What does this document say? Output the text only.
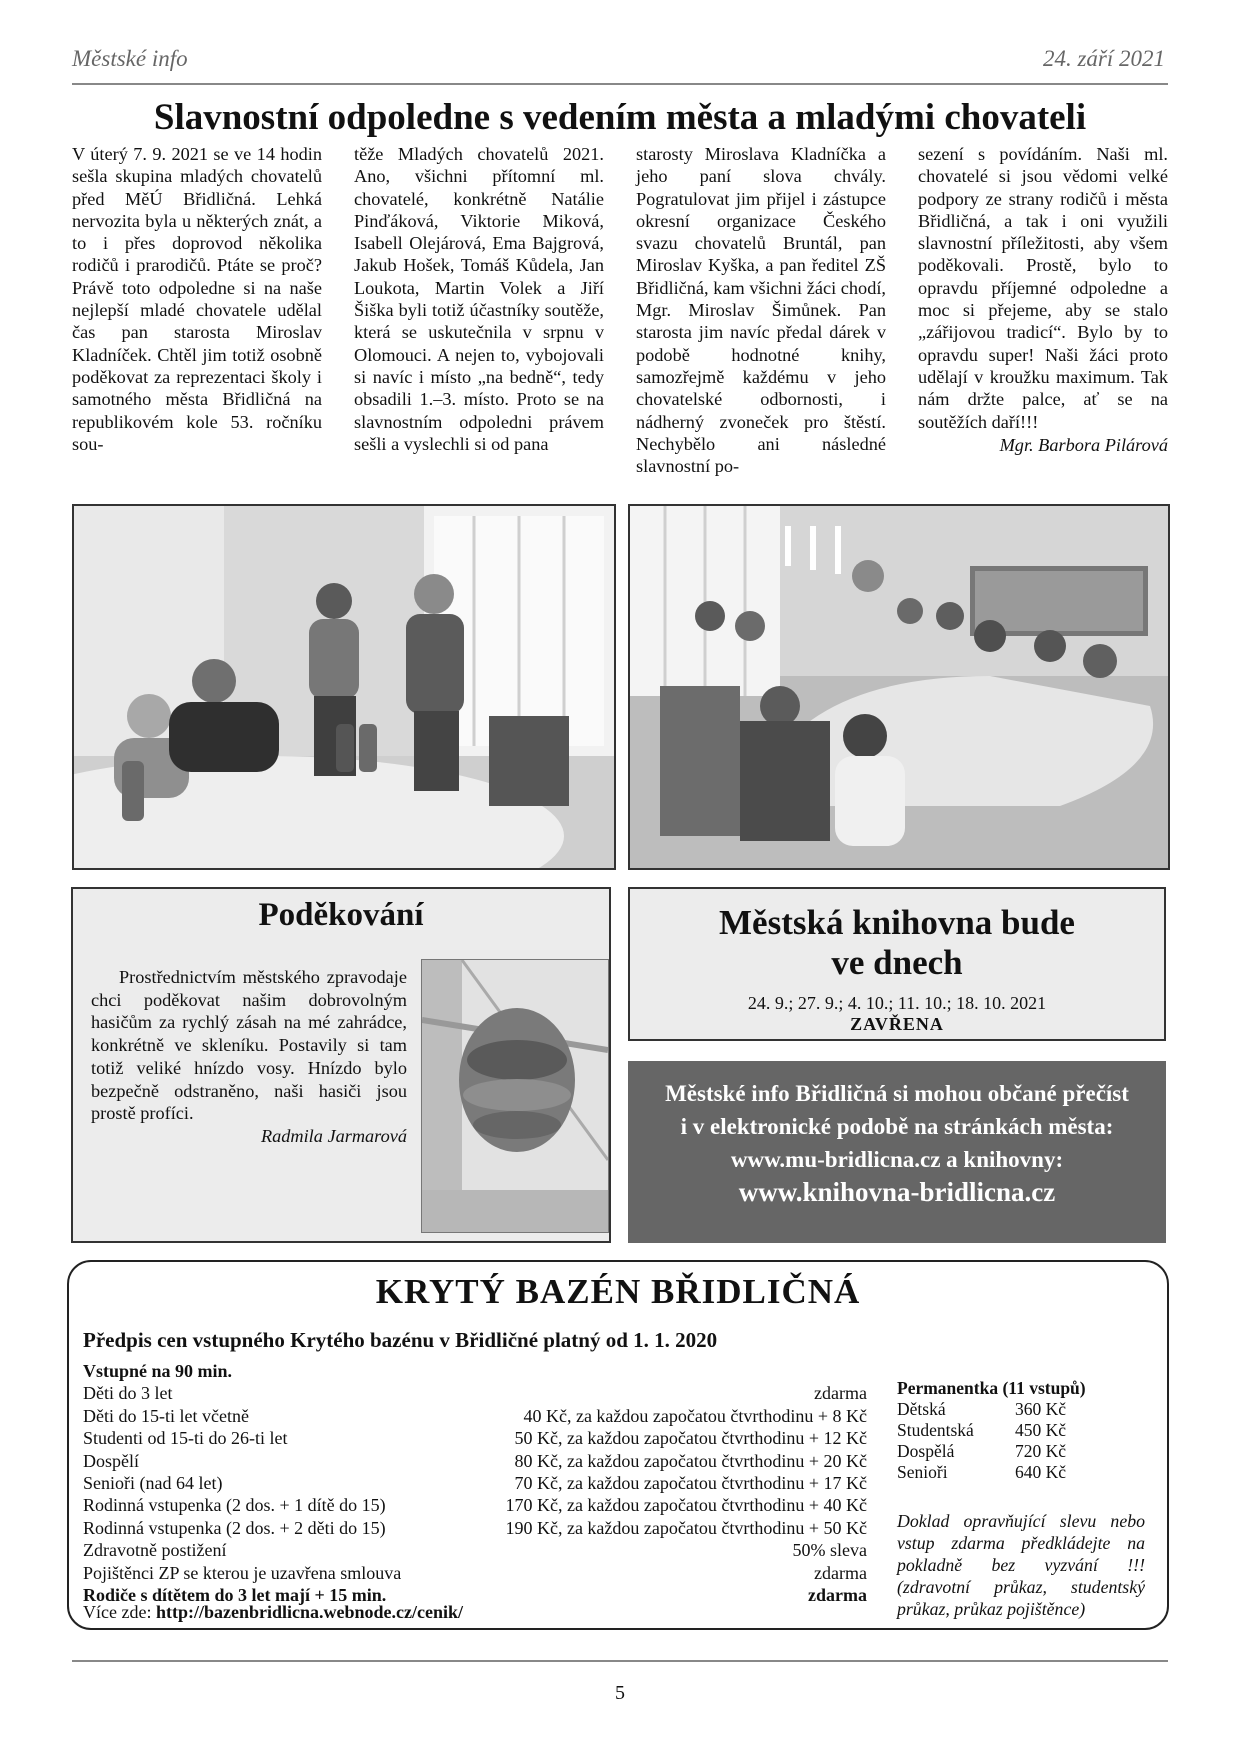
Městské info	24. září 2021
Slavnostní odpoledne s vedením města a mladými chovateli

V úterý 7. 9. 2021 se ve 14 hodin sešla skupina mladých chovatelů před MěÚ Břidličná. Lehká nervozita byla u některých znát, a to i přes doprovod několika rodičů i prarodičů. Ptáte se proč? Právě toto odpoledne si na naše nejlepší mladé chovatele udělal čas pan starosta Miroslav Kladníček. Chtěl jim totiž osobně poděkovat za reprezentaci školy i samotného města Břidličná na republikovém kole 53. ročníku sou-

těže Mladých chovatelů 2021. Ano, všichni přítomní ml. chovatelé, konkrétně Natálie Pinďáková, Viktorie Miková, Isabell Olejárová, Ema Bajgrová, Jakub Hošek, Tomáš Kůdela, Jan Loukota, Martin Volek a Jiří Šiška byli totiž účastníky soutěže, která se uskutečnila v srpnu v Olomouci. A nejen to, vybojovali si navíc i místo „na bedně“, tedy obsadili 1.–3. místo. Proto se na slavnostním odpoledni právem sešli a vyslechli si od pana

starosty Miroslava Kladníčka a jeho paní slova chvály. Pogratulovat jim přijel i zástupce okresní organizace Českého svazu chovatelů Bruntál, pan Miroslav Kyška, a pan ředitel ZŠ Břidličná, kam všichni žáci chodí, Mgr. Miroslav Šimůnek. Pan starosta jim navíc předal dárek v podobě hodnotné knihy, samozřejmě každému v jeho chovatelské odbornosti, i nádherný zvoneček pro štěstí. Nechybělo ani následné slavnostní po-

sezení s povídáním. Naši ml. chovatelé si jsou vědomi velké podpory ze strany rodičů i města Břidličná, a tak i oni využili slavnostní příležitosti, aby všem poděkovali. Prostě, bylo to opravdu příjemné odpoledne a moc si přejeme, aby se stalo „zářijovou tradicí“. Bylo by to opravdu super! Naši žáci proto udělají v kroužku maximum. Tak nám držte palce, ať se na soutěžích daří!!!

Mgr. Barbora Pilárová
Poděkování

Prostřednictvím městského zpravodaje chci poděkovat našim dobrovolným hasičům za rychlý zásah na mé zahrádce, konkrétně ve skleníku. Postavily si tam totiž veliké hnízdo vosy. Hnízdo bylo bezpečně odstraněno, naši hasiči jsou prostě profíci.

Radmila Jarmarová
Městská knihovna bude
ve dnech
24. 9.; 27. 9.; 4. 10.; 11. 10.; 18. 10. 2021
ZAVŘENA
Městské info Břidličná si mohou občané přečíst
i v elektronické podobě na stránkách města:
www.mu-bridlicna.cz a knihovny:
www.knihovna-bridlicna.cz
KRYTÝ BAZÉN BŘIDLIČNÁ
Předpis cen vstupného Krytého bazénu v Břidličné platný od 1. 1. 2020
Vstupné na 90 min.
Děti do 3 let	zdarma
Děti do 15-ti let včetně	40 Kč, za každou započatou čtvrthodinu + 8 Kč
Studenti od 15-ti do 26-ti let	50 Kč, za každou započatou čtvrthodinu + 12 Kč
Dospělí	80 Kč, za každou započatou čtvrthodinu + 20 Kč
Senioři (nad 64 let)	70 Kč, za každou započatou čtvrthodinu + 17 Kč
Rodinná vstupenka (2 dos. + 1 dítě do 15)	170 Kč, za každou započatou čtvrthodinu + 40 Kč
Rodinná vstupenka (2 dos. + 2 děti do 15)	190 Kč, za každou započatou čtvrthodinu + 50 Kč
Zdravotně postižení	50% sleva
Pojištěnci ZP se kterou je uzavřena smlouva	zdarma
Rodiče s dítětem do 3 let mají + 15 min.	zdarma
Více zde: http://bazenbridlicna.webnode.cz/cenik/
Permanentka (11 vstupů)
Dětská	360 Kč
Studentská	450 Kč
Dospělá	720 Kč
Senioři	640 Kč
Doklad opravňující slevu nebo vstup zdarma předkládejte na pokladně bez vyzvání !!! (zdravotní průkaz, studentský průkaz, průkaz pojištěnce)
5
